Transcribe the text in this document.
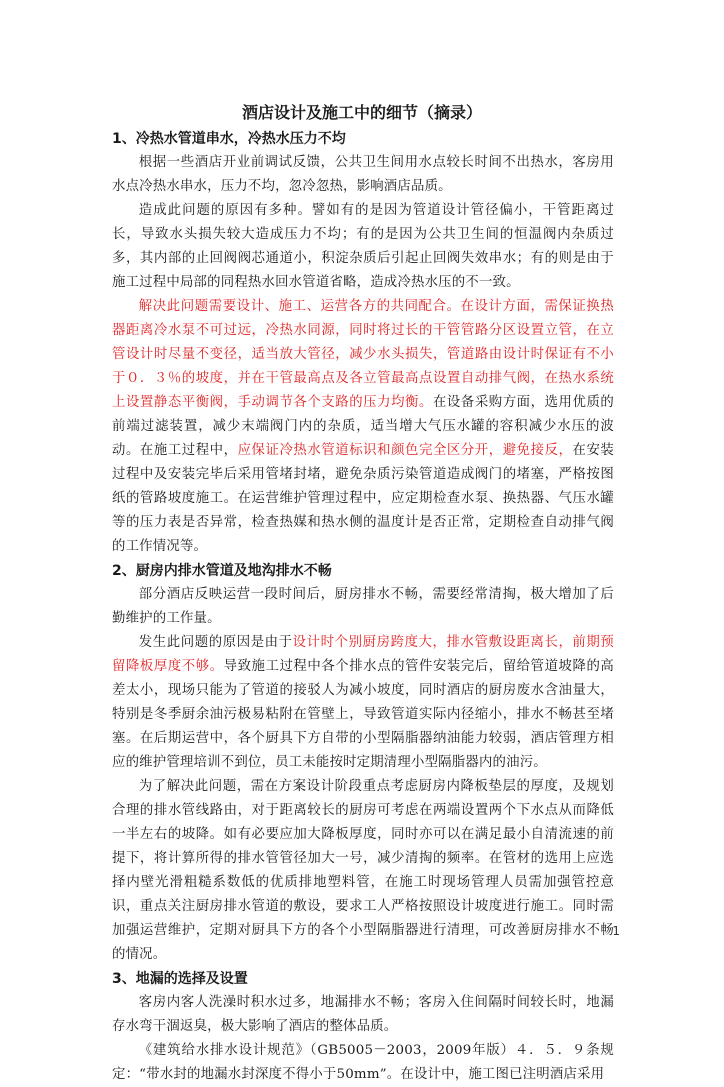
酒店设计及施工中的细节（摘录）
1、冷热水管道串水，冷热水压力不均

根据一些酒店开业前调试反馈，公共卫生间用水点较长时间不出热水，客房用水点冷热水串水，压力不均，忽冷忽热，影响酒店品质。

造成此问题的原因有多种。譬如有的是因为管道设计管径偏小，干管距离过长，导致水头损失较大造成压力不均；有的是因为公共卫生间的恒温阀内杂质过多，其内部的止回阀阀芯通道小，积淀杂质后引起止回阀失效串水；有的则是由于施工过程中局部的同程热水回水管道省略，造成冷热水压的不一致。

解决此问题需要设计、施工、运营各方的共同配合。在设计方面，需保证换热器距离冷水泵不可过远，冷热水同源，同时将过长的干管管路分区设置立管，在立管设计时尽量不变径，适当放大管径，减少水头损失，管道路由设计时保证有不小于０．３％的坡度，并在干管最高点及各立管最高点设置自动排气阀，在热水系统上设置静态平衡阀，手动调节各个支路的压力均衡。在设备采购方面，选用优质的前端过滤装置，减少末端阀门内的杂质，适当增大气压水罐的容积减少水压的波动。在施工过程中，应保证冷热水管道标识和颜色完全区分开，避免接反，在安装过程中及安装完毕后采用管堵封堵，避免杂质污染管道造成阀门的堵塞，严格按图纸的管路坡度施工。在运营维护管理过程中，应定期检查水泵、换热器、气压水罐等的压力表是否异常，检查热媒和热水侧的温度计是否正常，定期检查自动排气阀的工作情况等。

2、厨房内排水管道及地沟排水不畅

部分酒店反映运营一段时间后，厨房排水不畅，需要经常清掏，极大增加了后勤维护的工作量。

发生此问题的原因是由于设计时个别厨房跨度大，排水管敷设距离长，前期预留降板厚度不够。导致施工过程中各个排水点的管件安装完后，留给管道坡降的高差太小，现场只能为了管道的接驳人为减小坡度，同时酒店的厨房废水含油量大，特别是冬季厨余油污极易粘附在管壁上，导致管道实际内径缩小，排水不畅甚至堵塞。在后期运营中，各个厨具下方自带的小型隔脂器纳油能力较弱，酒店管理方相应的维护管理培训不到位，员工未能按时定期清理小型隔脂器内的油污。

为了解决此问题，需在方案设计阶段重点考虑厨房内降板垫层的厚度，及规划合理的排水管线路由，对于距离较长的厨房可考虑在两端设置两个下水点从而降低一半左右的坡降。如有必要应加大降板厚度，同时亦可以在满足最小自清流速的前提下，将计算所得的排水管管径加大一号，减少清掏的频率。在管材的选用上应选择内壁光滑粗糙系数低的优质排地塑料管，在施工时现场管理人员需加强管控意识，重点关注厨房排水管道的敷设，要求工人严格按照设计坡度进行施工。同时需加强运营维护，定期对厨具下方的各个小型隔脂器进行清理，可改善厨房排水不畅的情况。

3、地漏的选择及设置

客房内客人洗澡时积水过多，地漏排水不畅；客房入住间隔时间较长时，地漏存水弯干涸返臭，极大影响了酒店的整体品质。

《建筑给水排水设计规范》（GB5005－2003，2009年版）４．５．９条规定：“带水封的地漏水封深度不得小于50mm”。在设计中，施工图已注明酒店采用

1
